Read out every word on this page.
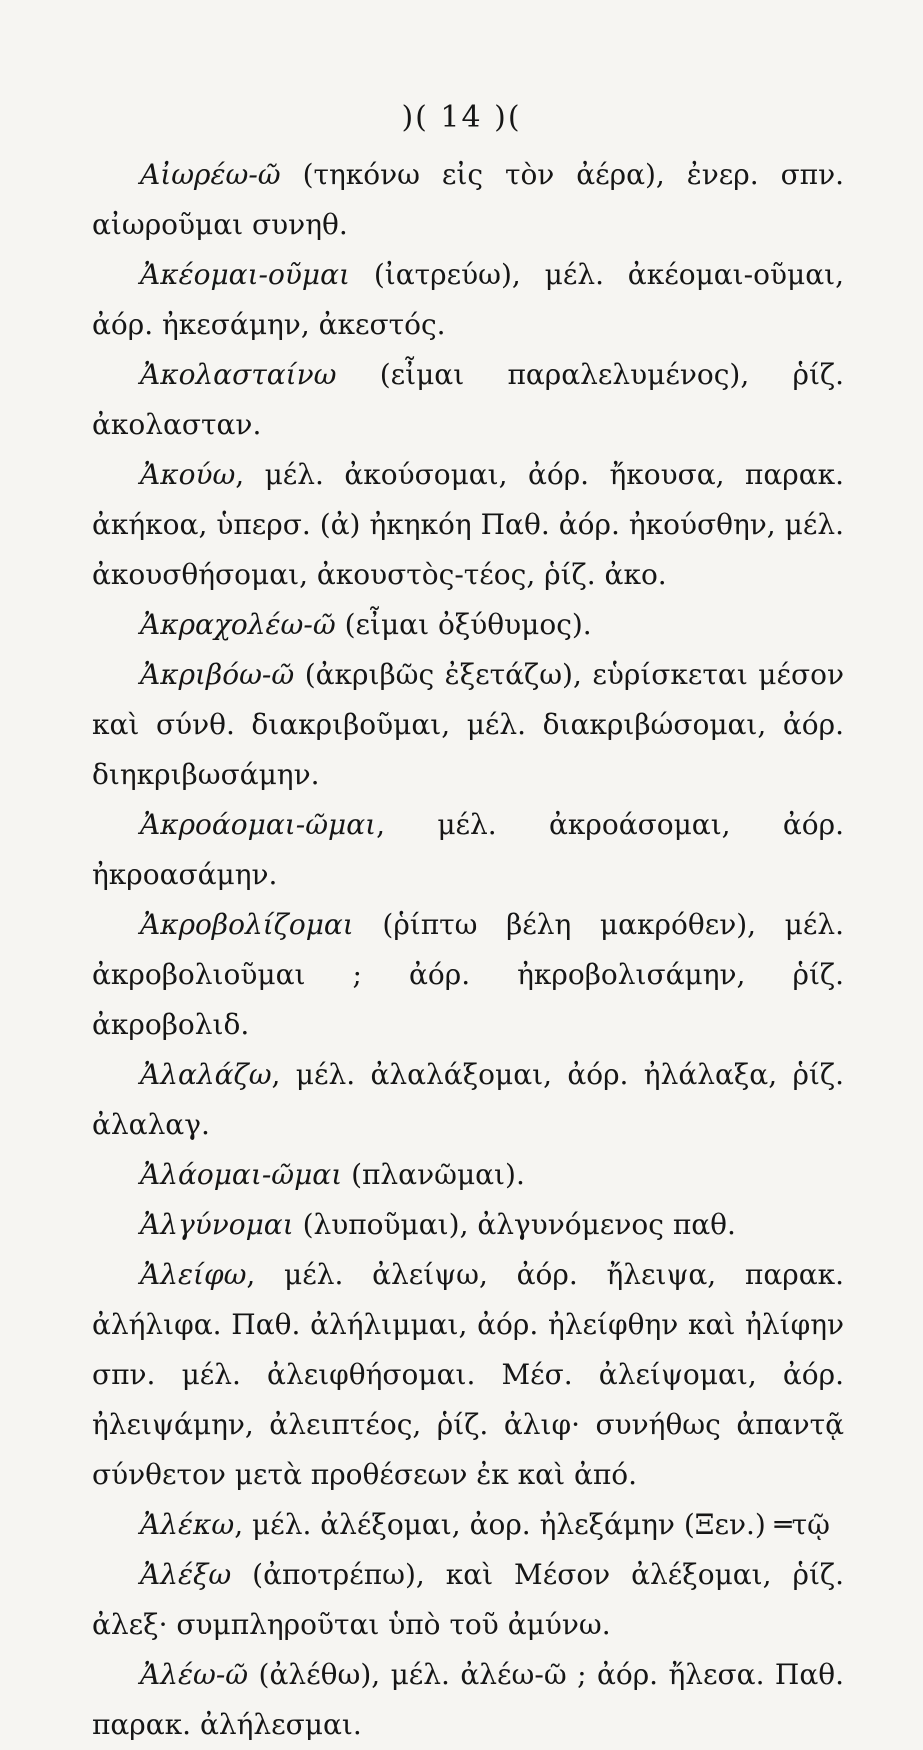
)( 14 )(

Αἰωρέω-ῶ (τηκόνω εἰς τὸν ἀέρα), ἐνερ. σπν. αἰωροῦμαι συνηθ.

Ἀκέομαι-οῦμαι (ἰατρεύω), μέλ. ἀκέομαι-οῦμαι, ἀόρ. ἠκεσάμην, ἀκεστός.

Ἀκολασταίνω (εἶμαι παραλελυμένος), ῥίζ. ἀκολασταν.

Ἀκούω, μέλ. ἀκούσομαι, ἀόρ. ἤκουσα, παρακ. ἀκήκοα, ὑπερσ. (ἀ) ἠκηκόη Παθ. ἀόρ. ἠκούσθην, μέλ. ἀκουσθήσομαι, ἀκουστὸς-τέος, ῥίζ. ἀκο.

Ἀκραχολέω-ῶ (εἶμαι ὀξύθυμος).

Ἀκριβόω-ῶ (ἀκριβῶς ἐξετάζω), εὑρίσκεται μέσον καὶ σύνθ. διακριβοῦμαι, μέλ. διακριβώσομαι, ἀόρ. διηκριβωσάμην.

Ἀκροάομαι-ῶμαι, μέλ. ἀκροάσομαι, ἀόρ. ἠκροασάμην.

Ἀκροβολίζομαι (ῥίπτω βέλη μακρόθεν), μέλ. ἀκροβολιοῦμαι ; ἀόρ. ἠκροβολισάμην, ῥίζ. ἀκροβολιδ.

Ἀλαλάζω, μέλ. ἀλαλάξομαι, ἀόρ. ἠλάλαξα, ῥίζ. ἀλαλαγ.

Ἀλάομαι-ῶμαι (πλανῶμαι).

Ἀλγύνομαι (λυποῦμαι), ἀλγυνόμενος παθ.

Ἀλείφω, μέλ. ἀλείψω, ἀόρ. ἤλειψα, παρακ. ἀλήλιφα. Παθ. ἀλήλιμμαι, ἀόρ. ἠλείφθην καὶ ἠλίφην σπν. μέλ. ἀλειφθήσομαι. Μέσ. ἀλείψομαι, ἀόρ. ἠλειψάμην, ἀλειπτέος, ῥίζ. ἀλιφ· συνήθως ἀπαντᾷ σύνθετον μετὰ προθέσεων ἐκ καὶ ἀπό.

Ἀλέκω, μέλ. ἀλέξομαι, ἀορ. ἠλεξάμην (Ξεν.) ═τῷ

Ἀλέξω (ἀποτρέπω), καὶ Μέσον ἀλέξομαι, ῥίζ. ἀλεξ· συμπληροῦται ὑπὸ τοῦ ἀμύνω.

Ἀλέω-ῶ (ἀλέθω), μέλ. ἀλέω-ῶ ; ἀόρ. ἤλεσα. Παθ. παρακ. ἀλήλεσμαι.
